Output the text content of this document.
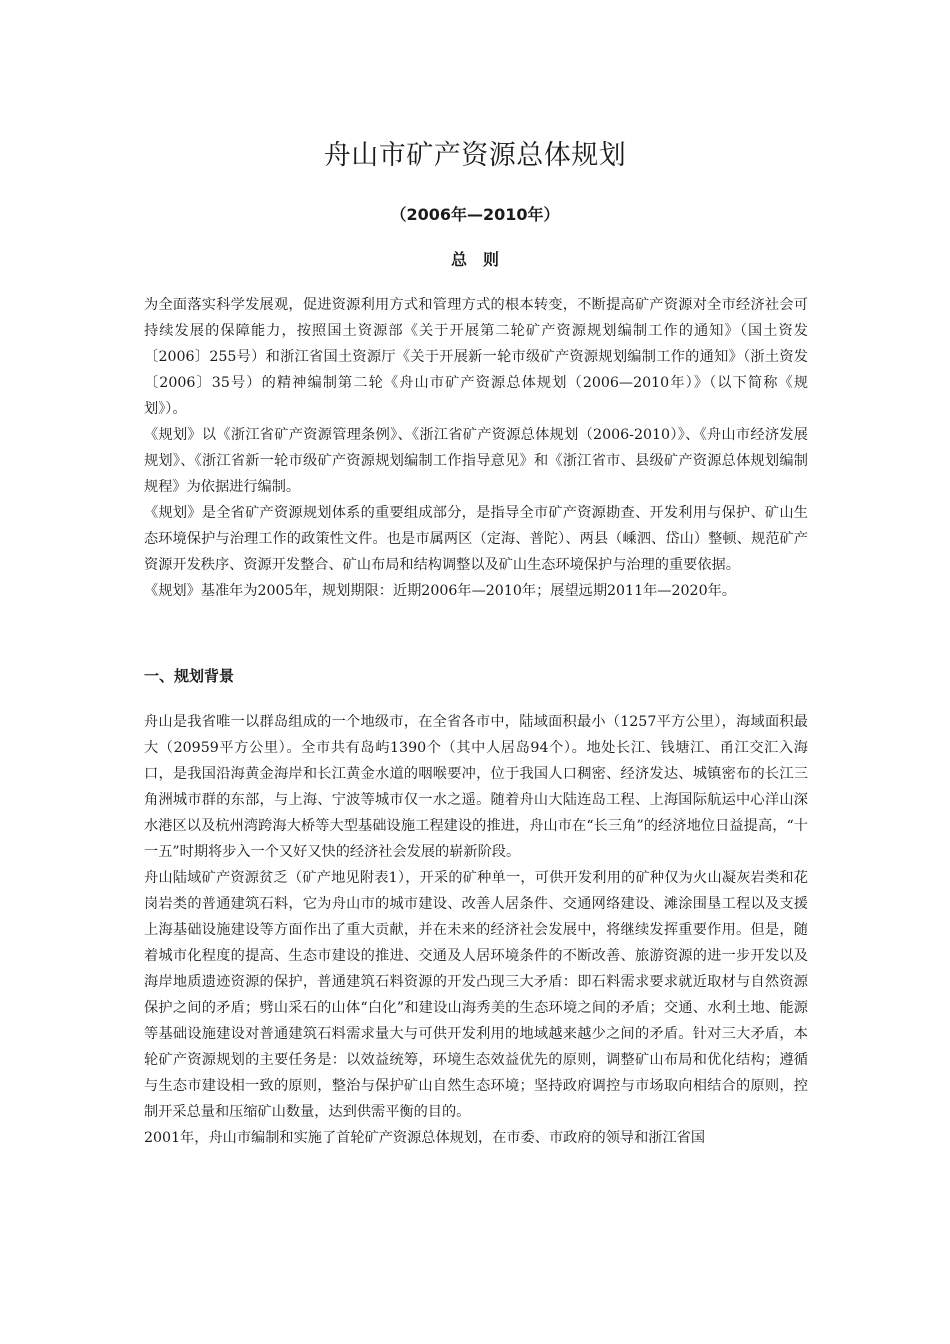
舟山市矿产资源总体规划
（2006年—2010年）
总　则

为全面落实科学发展观，促进资源利用方式和管理方式的根本转变，不断提高矿产资源对全市经济社会可持续发展的保障能力，按照国土资源部《关于开展第二轮矿产资源规划编制工作的通知》（国土资发〔2006〕255号）和浙江省国土资源厅《关于开展新一轮市级矿产资源规划编制工作的通知》（浙土资发〔2006〕35号）的精神编制第二轮《舟山市矿产资源总体规划（2006—2010年）》（以下简称《规划》）。

《规划》以《浙江省矿产资源管理条例》、《浙江省矿产资源总体规划（2006-2010）》、《舟山市经济发展规划》、《浙江省新一轮市级矿产资源规划编制工作指导意见》和《浙江省市、县级矿产资源总体规划编制规程》为依据进行编制。

《规划》是全省矿产资源规划体系的重要组成部分，是指导全市矿产资源勘查、开发利用与保护、矿山生态环境保护与治理工作的政策性文件。也是市属两区（定海、普陀）、两县（嵊泗、岱山）整顿、规范矿产资源开发秩序、资源开发整合、矿山布局和结构调整以及矿山生态环境保护与治理的重要依据。

《规划》基准年为2005年，规划期限：近期2006年—2010年；展望远期2011年—2020年。

一、规划背景

舟山是我省唯一以群岛组成的一个地级市，在全省各市中，陆域面积最小（1257平方公里），海域面积最大（20959平方公里）。全市共有岛屿1390个（其中人居岛94个）。地处长江、钱塘江、甬江交汇入海口，是我国沿海黄金海岸和长江黄金水道的咽喉要冲，位于我国人口稠密、经济发达、城镇密布的长江三角洲城市群的东部，与上海、宁波等城市仅一水之遥。随着舟山大陆连岛工程、上海国际航运中心洋山深水港区以及杭州湾跨海大桥等大型基础设施工程建设的推进，舟山市在“长三角”的经济地位日益提高，“十一五”时期将步入一个又好又快的经济社会发展的崭新阶段。

舟山陆域矿产资源贫乏（矿产地见附表1），开采的矿种单一，可供开发利用的矿种仅为火山凝灰岩类和花岗岩类的普通建筑石料，它为舟山市的城市建设、改善人居条件、交通网络建设、滩涂围垦工程以及支援上海基础设施建设等方面作出了重大贡献，并在未来的经济社会发展中，将继续发挥重要作用。但是，随着城市化程度的提高、生态市建设的推进、交通及人居环境条件的不断改善、旅游资源的进一步开发以及海岸地质遗迹资源的保护，普通建筑石料资源的开发凸现三大矛盾：即石料需求要求就近取材与自然资源保护之间的矛盾；劈山采石的山体“白化”和建设山海秀美的生态环境之间的矛盾；交通、水利土地、能源等基础设施建设对普通建筑石料需求量大与可供开发利用的地域越来越少之间的矛盾。针对三大矛盾，本轮矿产资源规划的主要任务是：以效益统筹，环境生态效益优先的原则，调整矿山布局和优化结构；遵循与生态市建设相一致的原则，整治与保护矿山自然生态环境；坚持政府调控与市场取向相结合的原则，控制开采总量和压缩矿山数量，达到供需平衡的目的。

2001年，舟山市编制和实施了首轮矿产资源总体规划，在市委、市政府的领导和浙江省国
